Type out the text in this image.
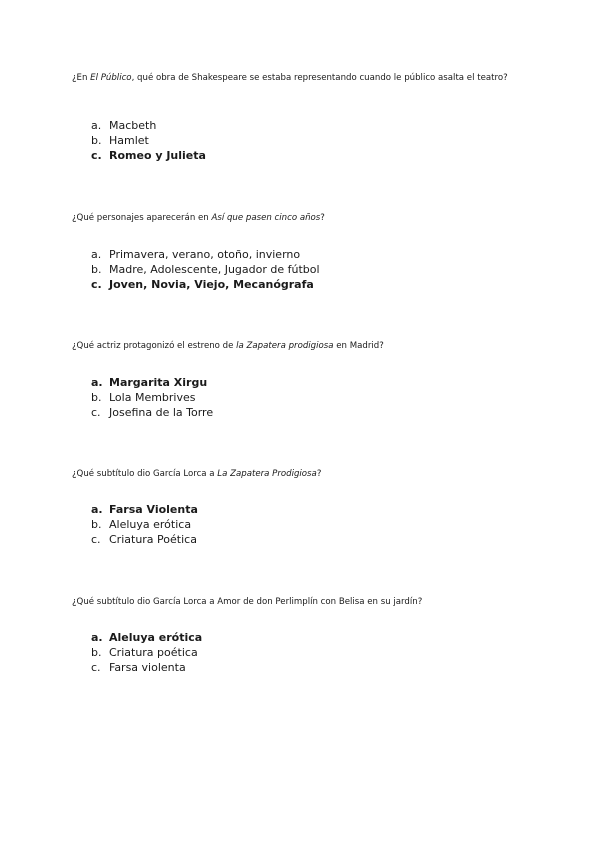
¿En El Público, qué obra de Shakespeare se estaba representando cuando le público asalta el teatro?
a. Macbeth
b. Hamlet
c. Romeo y Julieta
¿Qué personajes aparecerán en Así que pasen cinco años?
a. Primavera, verano, otoño, invierno
b. Madre, Adolescente, Jugador de fútbol
c. Joven, Novia, Viejo, Mecanógrafa
¿Qué actriz protagonizó el estreno de la Zapatera prodigiosa en Madrid?
a. Margarita Xirgu
b. Lola Membrives
c. Josefina de la Torre
¿Qué subtítulo dio García Lorca a La Zapatera Prodigiosa?
a. Farsa Violenta
b. Aleluya erótica
c. Criatura Poética
¿Qué subtítulo dio García Lorca a Amor de don Perlimplín con Belisa en su jardín?
a. Aleluya erótica
b. Criatura poética
c. Farsa violenta
